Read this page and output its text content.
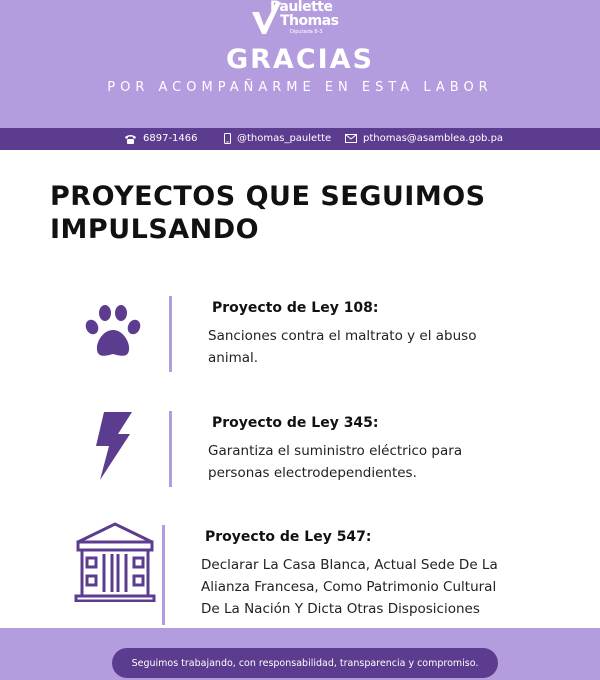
Paulette
Thomas
Diputada 8-3
GRACIAS
POR ACOMPAÑARME EN ESTA LABOR
6897-1466	@thomas_paulette	pthomas@asamblea.gob.pa
PROYECTOS QUE SEGUIMOS IMPULSANDO
Proyecto de Ley 108:
Sanciones contra el maltrato y el abuso animal.
Proyecto de Ley 345:
Garantiza el suministro eléctrico para personas electrodependientes.
Proyecto de Ley 547:
Declarar La Casa Blanca, Actual Sede De La Alianza Francesa, Como Patrimonio Cultural De La Nación Y Dicta Otras Disposiciones
Seguimos trabajando, con responsabilidad, transparencia y compromiso.
